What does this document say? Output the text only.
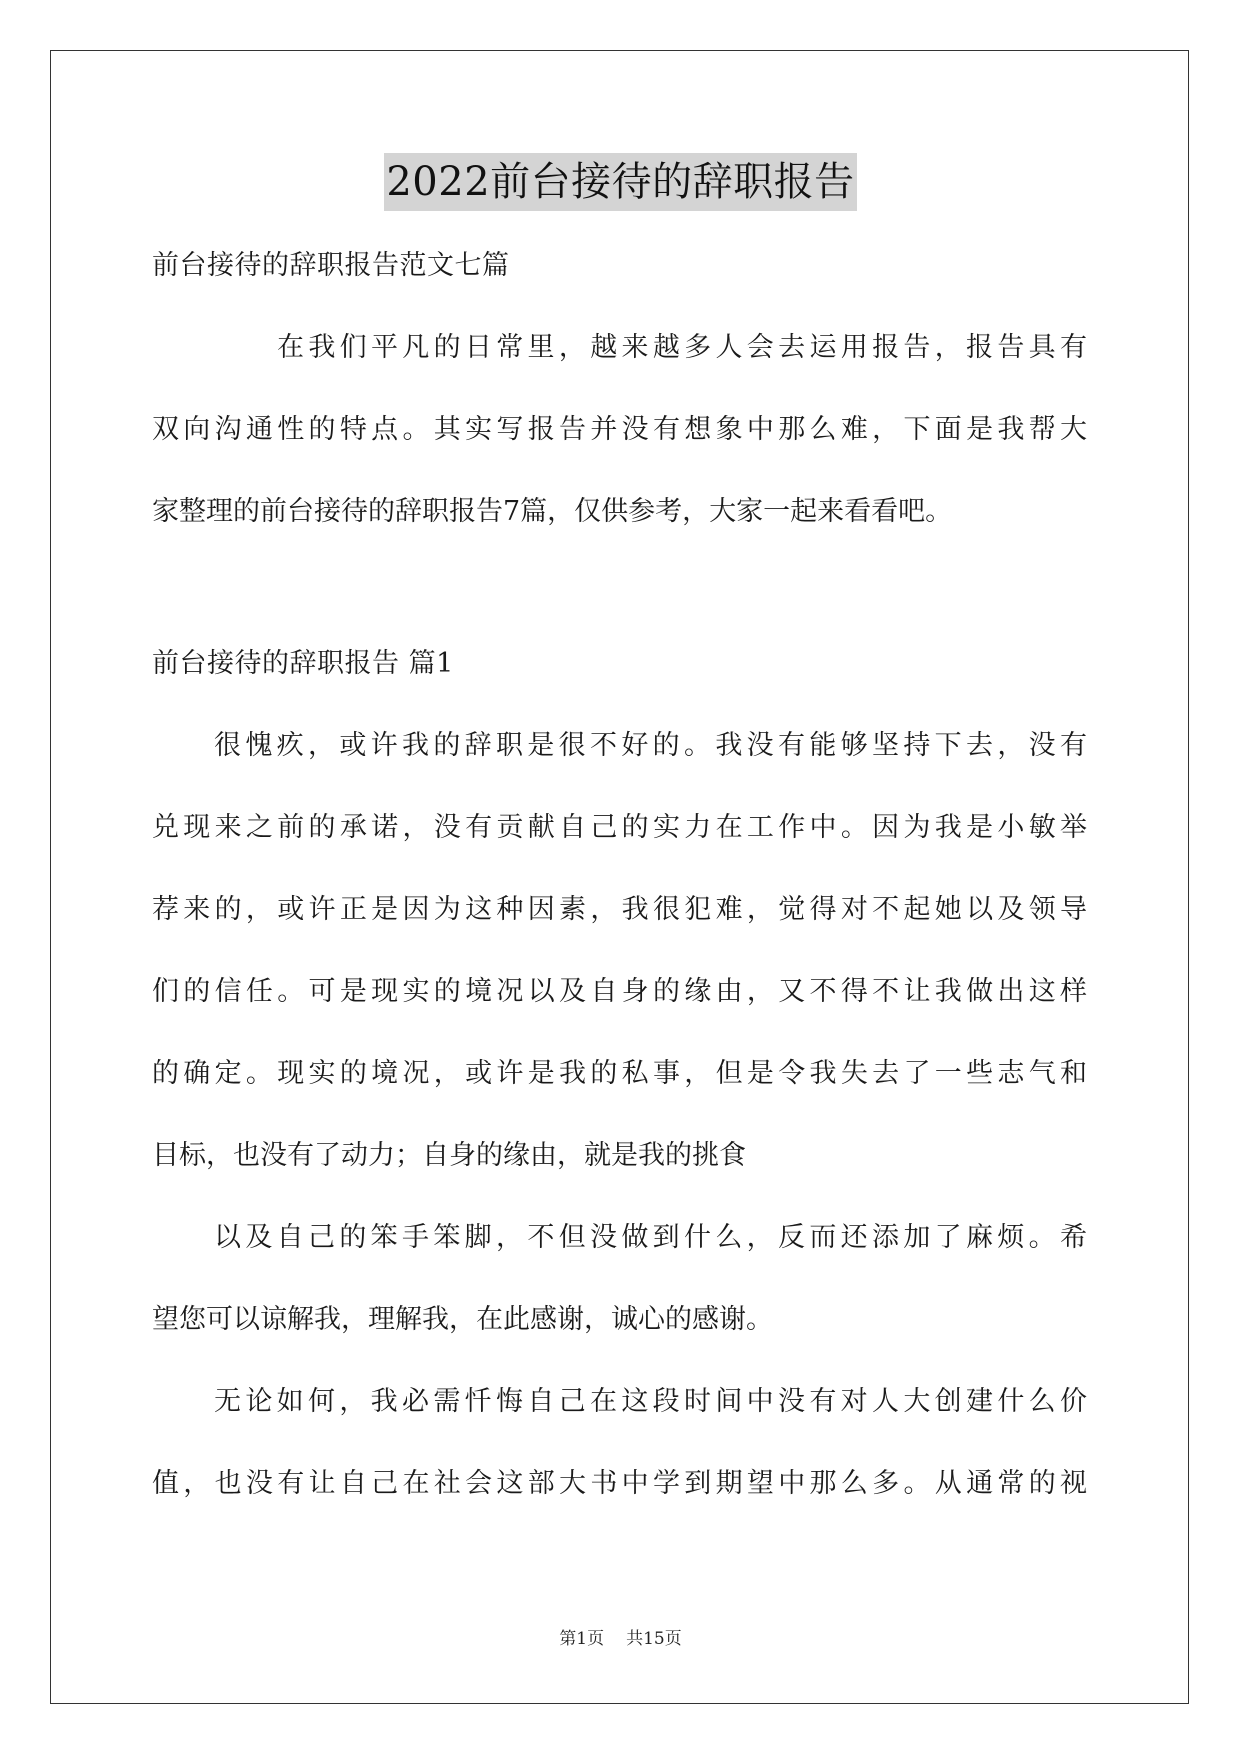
2022前台接待的辞职报告
前台接待的辞职报告范文七篇
在我们平凡的日常里，越来越多人会去运用报告，报告具有
双向沟通性的特点。其实写报告并没有想象中那么难，下面是我帮大
家整理的前台接待的辞职报告7篇，仅供参考，大家一起来看看吧。
前台接待的辞职报告 篇1
很愧疚，或许我的辞职是很不好的。我没有能够坚持下去，没有
兑现来之前的承诺，没有贡献自己的实力在工作中。因为我是小敏举
荐来的，或许正是因为这种因素，我很犯难，觉得对不起她以及领导
们的信任。可是现实的境况以及自身的缘由，又不得不让我做出这样
的确定。现实的境况，或许是我的私事，但是令我失去了一些志气和
目标，也没有了动力；自身的缘由，就是我的挑食
以及自己的笨手笨脚，不但没做到什么，反而还添加了麻烦。希
望您可以谅解我，理解我，在此感谢，诚心的感谢。
无论如何，我必需忏悔自己在这段时间中没有对人大创建什么价
值，也没有让自己在社会这部大书中学到期望中那么多。从通常的视
第1页 共15页
